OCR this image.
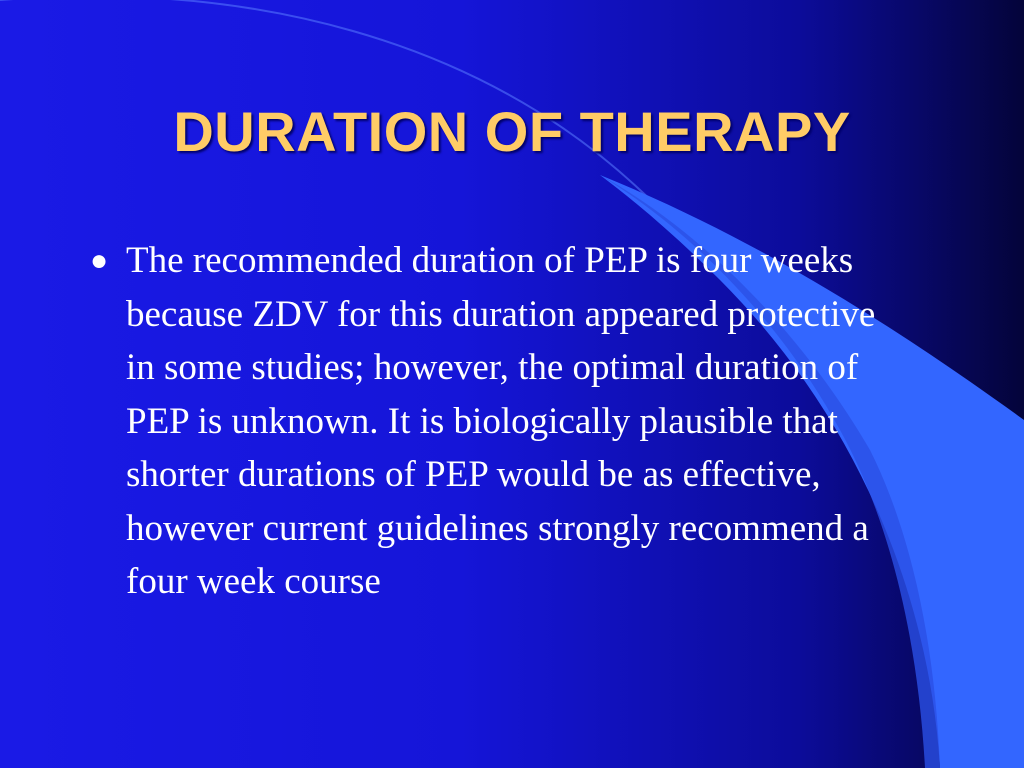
DURATION OF THERAPY
● The recommended duration of PEP is four weeks because ZDV for this duration appeared protective in some studies; however, the optimal duration of PEP is unknown. It is biologically plausible that shorter durations of PEP would be as effective, however current guidelines strongly recommend a four week course
